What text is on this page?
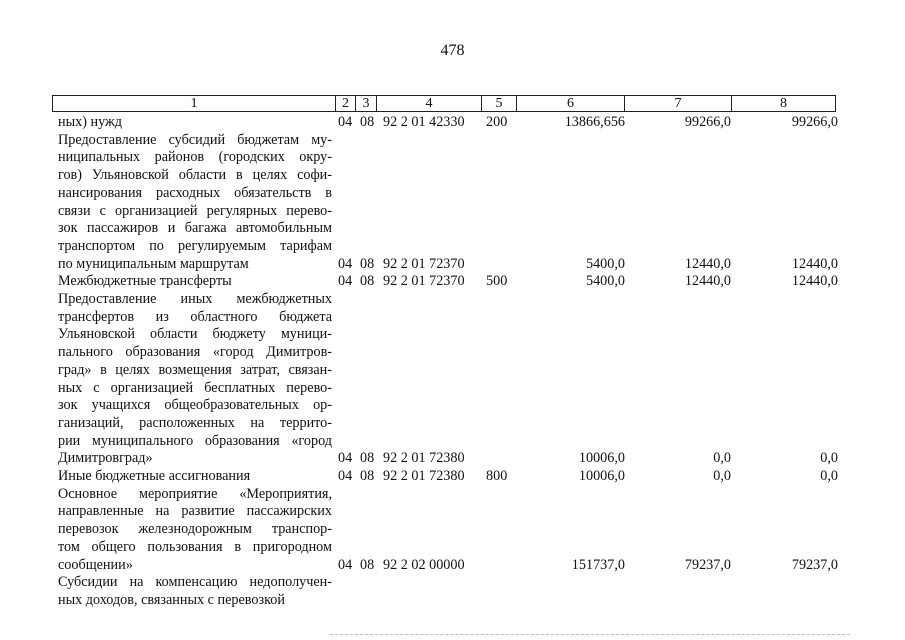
478
1	2 3	4	5	6	7	8
ных) нужд	04 08 92 2 01 42330 200	13866,656	99266,0	99266,0
Предоставление субсидий бюджетам му-
ниципальных районов (городских окру-
гов) Ульяновской области в целях софи-
нансирования расходных обязательств в
связи с организацией регулярных перево-
зок пассажиров и багажа автомобильным
транспортом по регулируемым тарифам
по муниципальным маршрутам	04 08 92 2 01 72370	5400,0	12440,0	12440,0
Межбюджетные трансферты	04 08 92 2 01 72370 500	5400,0	12440,0	12440,0
Предоставление иных межбюджетных
трансфертов из областного бюджета
Ульяновской области бюджету муници-
пального образования «город Димитров-
град» в целях возмещения затрат, связан-
ных с организацией бесплатных перево-
зок учащихся общеобразовательных ор-
ганизаций, расположенных на террито-
рии муниципального образования «город
Димитровград»	04 08 92 2 01 72380	10006,0	0,0	0,0
Иные бюджетные ассигнования	04 08 92 2 01 72380 800	10006,0	0,0	0,0
Основное мероприятие «Мероприятия,
направленные на развитие пассажирских
перевозок железнодорожным транспор-
том общего пользования в пригородном
сообщении»	04 08 92 2 02 00000	151737,0	79237,0	79237,0
Субсидии на компенсацию недополучен-
ных доходов, связанных с перевозкой
